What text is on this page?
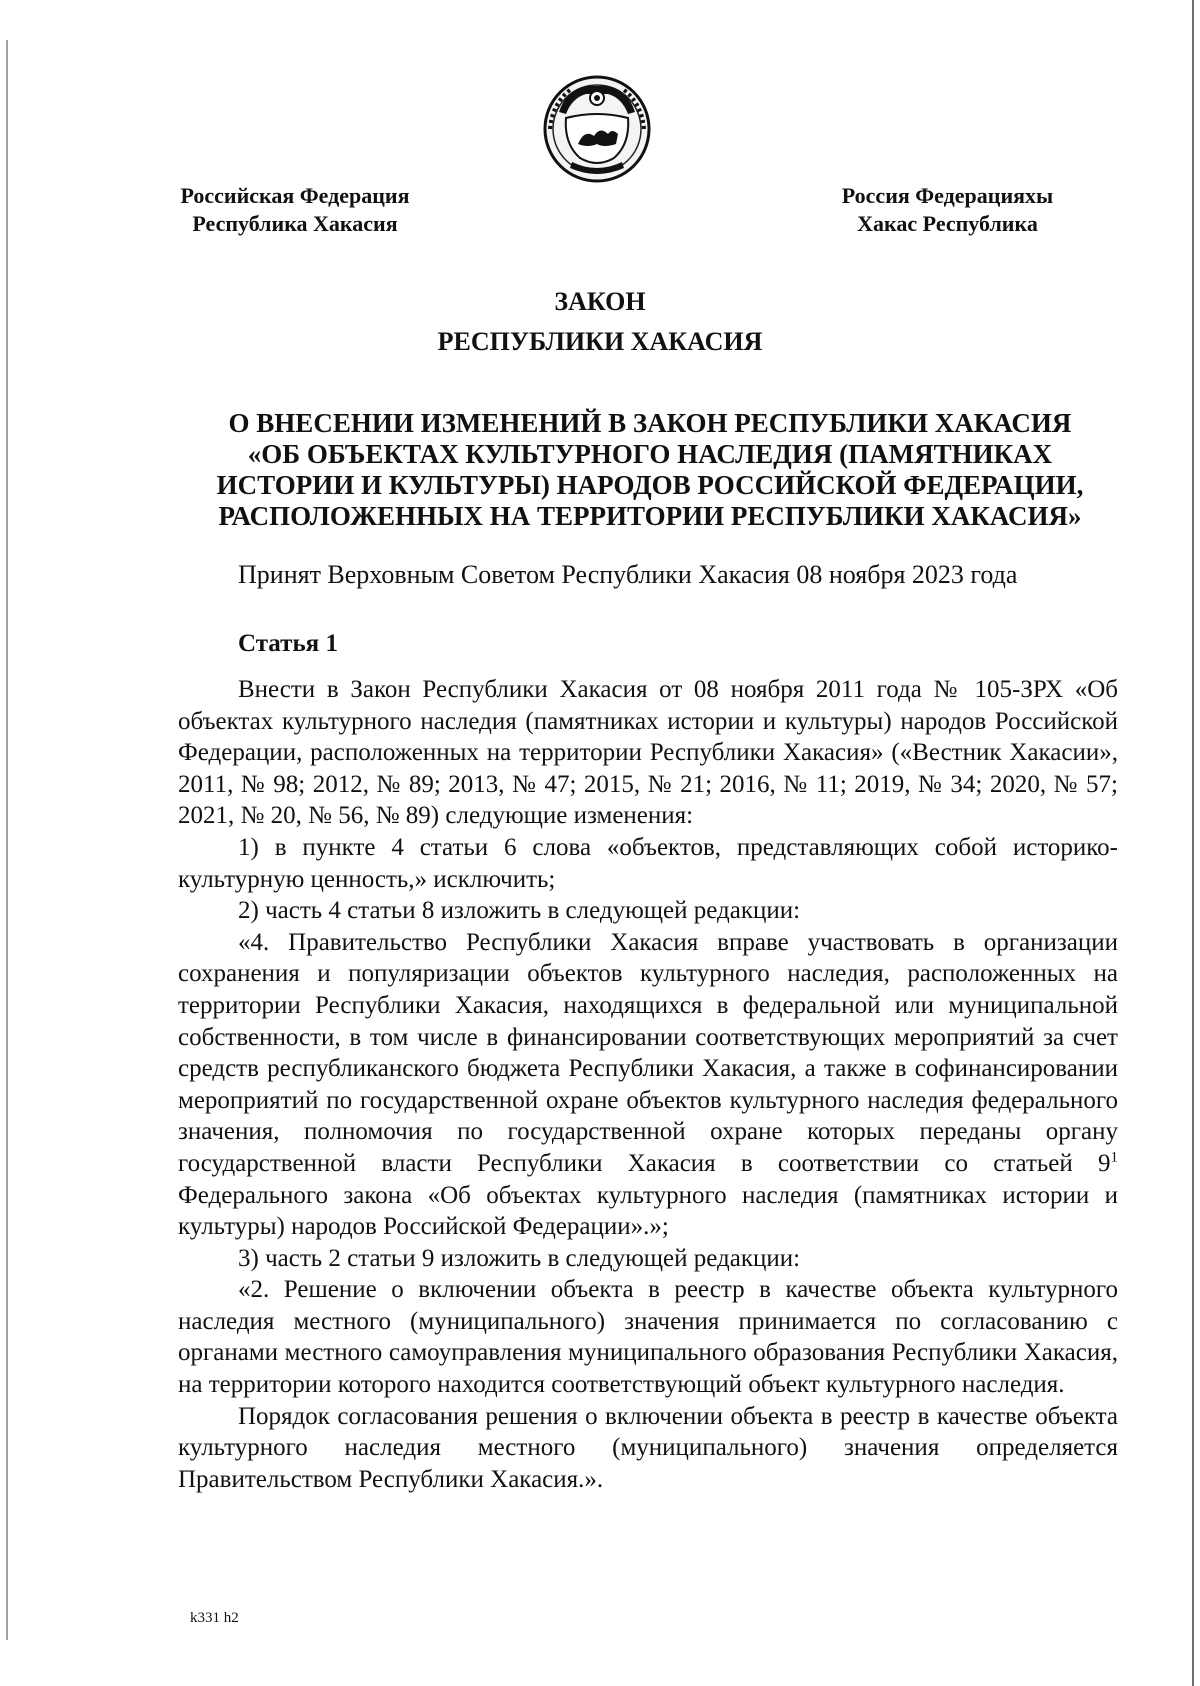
Российская Федерация
Республика Хакасия
Россия Федерацияхы
Хакас Республика
ЗАКОН
РЕСПУБЛИКИ ХАКАСИЯ
О ВНЕСЕНИИ ИЗМЕНЕНИЙ В ЗАКОН РЕСПУБЛИКИ ХАКАСИЯ
«ОБ ОБЪЕКТАХ КУЛЬТУРНОГО НАСЛЕДИЯ (ПАМЯТНИКАХ
ИСТОРИИ И КУЛЬТУРЫ) НАРОДОВ РОССИЙСКОЙ ФЕДЕРАЦИИ,
РАСПОЛОЖЕННЫХ НА ТЕРРИТОРИИ РЕСПУБЛИКИ ХАКАСИЯ»
Принят Верховным Советом Республики Хакасия 08 ноября 2023 года
Статья 1

Внести в Закон Республики Хакасия от 08 ноября 2011 года № 105-ЗРХ «Об объектах культурного наследия (памятниках истории и культуры) народов Российской Федерации, расположенных на территории Республики Хакасия» («Вестник Хакасии», 2011, № 98; 2012, № 89; 2013, № 47; 2015, № 21; 2016, № 11; 2019, № 34; 2020, № 57; 2021, № 20, № 56, № 89) следующие изменения:

1) в пункте 4 статьи 6 слова «объектов, представляющих собой историко-культурную ценность,» исключить;

2) часть 4 статьи 8 изложить в следующей редакции:

«4. Правительство Республики Хакасия вправе участвовать в организации сохранения и популяризации объектов культурного наследия, расположенных на территории Республики Хакасия, находящихся в федеральной или муниципальной собственности, в том числе в финансировании соответствующих мероприятий за счет средств республиканского бюджета Республики Хакасия, а также в софинансировании мероприятий по государственной охране объектов культурного наследия федерального значения, полномочия по государственной охране которых переданы органу государственной власти Республики Хакасия в соответствии со статьей $9^1$ Федерального закона «Об объектах культурного наследия (памятниках истории и культуры) народов Российской Федерации».»;

3) часть 2 статьи 9 изложить в следующей редакции:

«2. Решение о включении объекта в реестр в качестве объекта культурного наследия местного (муниципального) значения принимается по согласованию с органами местного самоуправления муниципального образования Республики Хакасия, на территории которого находится соответствующий объект культурного наследия.

Порядок согласования решения о включении объекта в реестр в качестве объекта культурного наследия местного (муниципального) значения определяется Правительством Республики Хакасия.».

k331 h2
